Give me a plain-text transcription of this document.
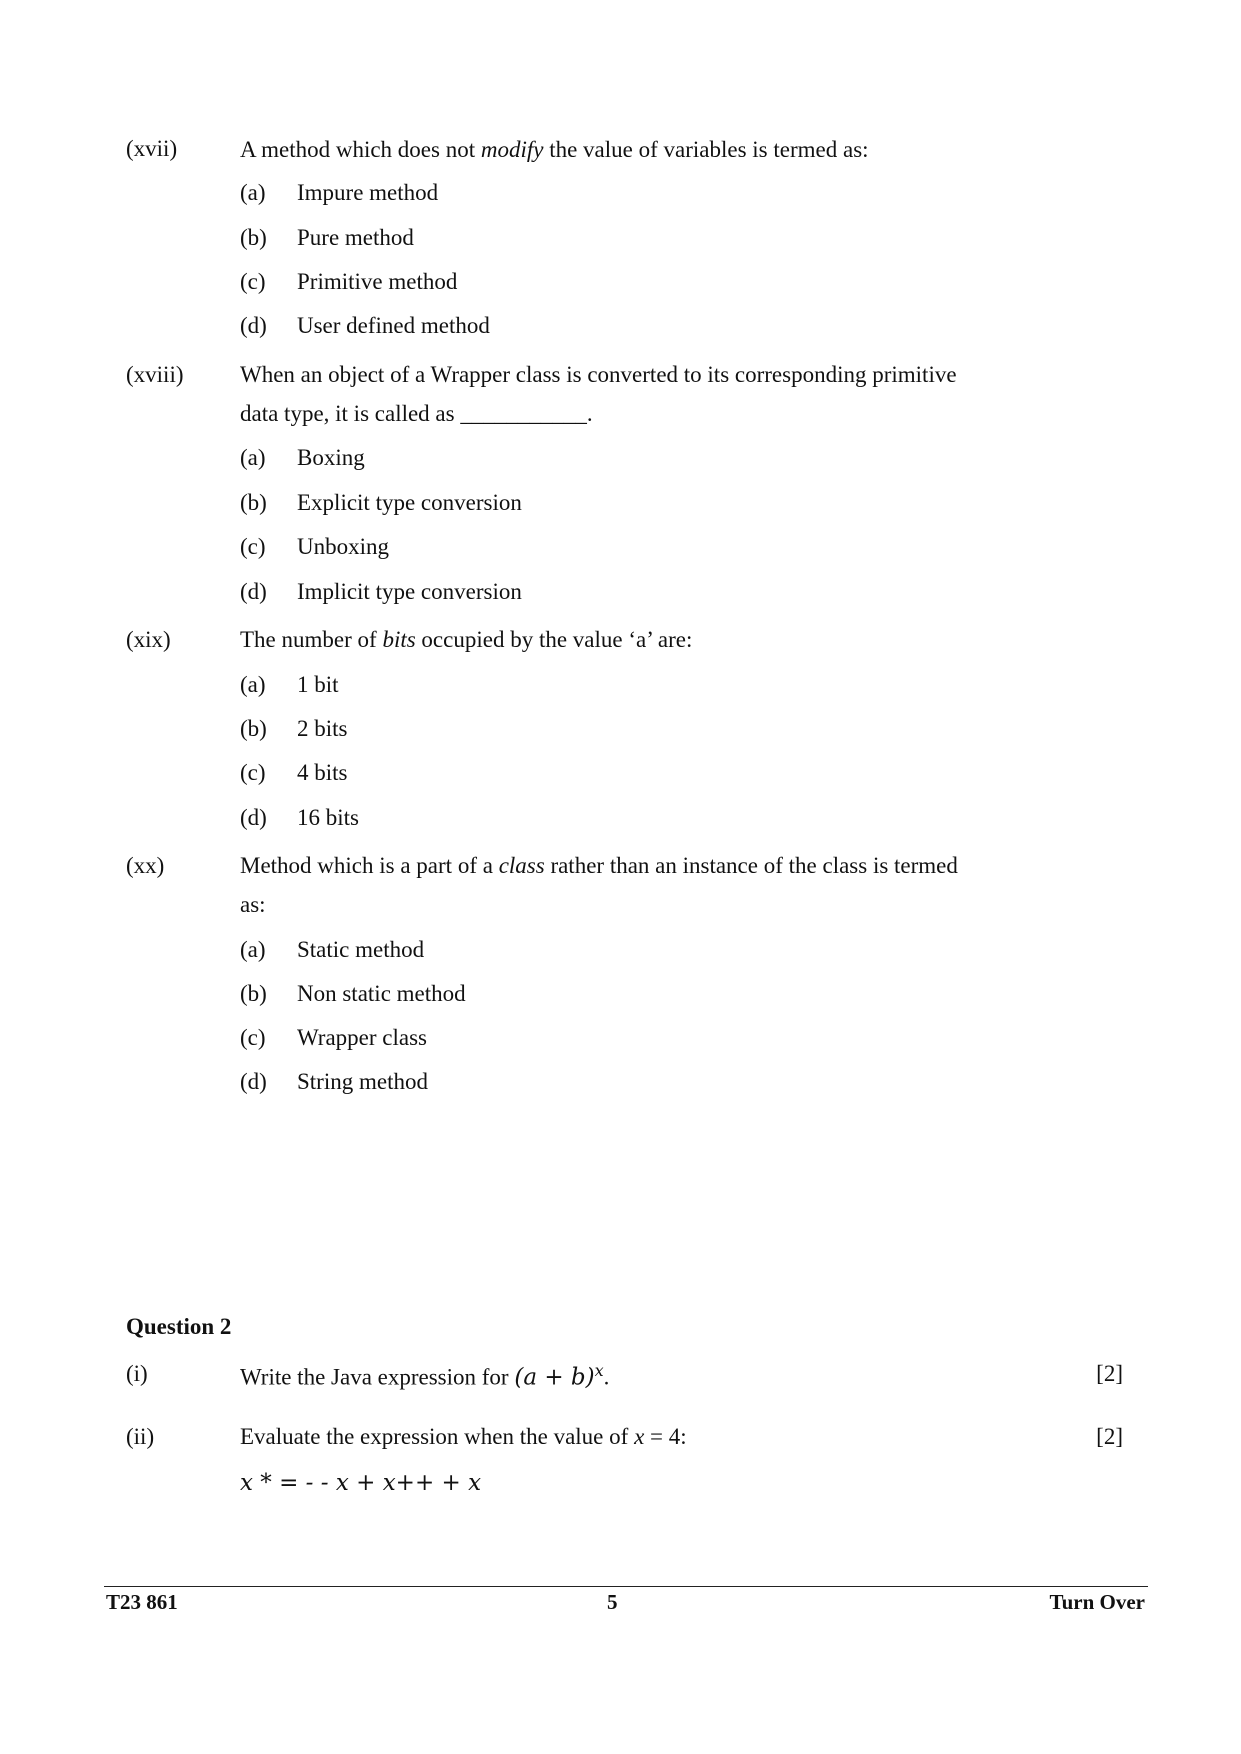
(xvii)	A method which does not modify the value of variables is termed as:
(a) Impure method
(b) Pure method
(c) Primitive method
(d) User defined method
(xviii) When an object of a Wrapper class is converted to its corresponding primitive
data type, it is called as ___________.
(a) Boxing
(b) Explicit type conversion
(c) Unboxing
(d) Implicit type conversion
(xix)	The number of bits occupied by the value ‘a’ are:
(a) 1 bit
(b) 2 bits
(c) 4 bits
(d) 16 bits
(xx)	Method which is a part of a class rather than an instance of the class is termed
as:
(a) Static method
(b) Non static method
(c) Wrapper class
(d) String method
Question 2
(i)	Write the Java expression for $(a + b)^x$.	[2]
(ii)	Evaluate the expression when the value of x = 4:	[2]
x * = - - x + x++ + x
T23 861	5	Turn Over
